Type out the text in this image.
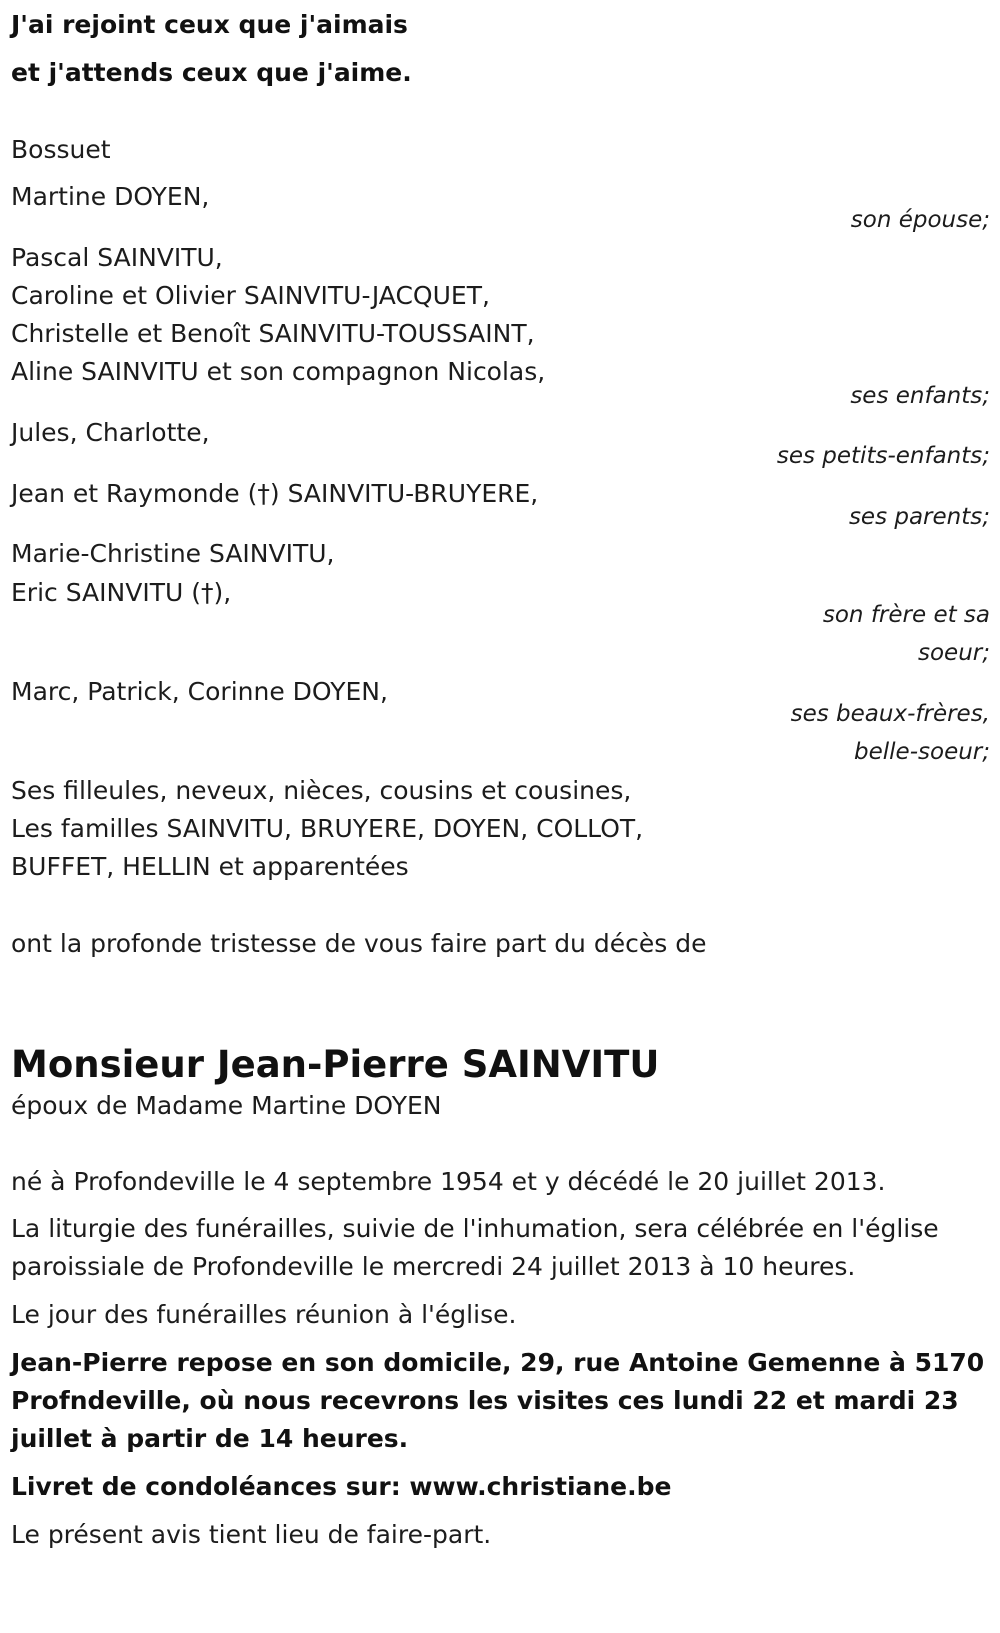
J'ai rejoint ceux que j'aimais
et j'attends ceux que j'aime.
Bossuet
Martine DOYEN,
son épouse;
Pascal SAINVITU,
Caroline et Olivier SAINVITU-JACQUET,
Christelle et Benoît SAINVITU-TOUSSAINT,
Aline SAINVITU et son compagnon Nicolas,
ses enfants;
Jules, Charlotte,
ses petits-enfants;
Jean et Raymonde (†) SAINVITU-BRUYERE,
ses parents;
Marie-Christine SAINVITU,
Eric SAINVITU (†),
son frère et sa
soeur;
Marc, Patrick, Corinne DOYEN,
ses beaux-frères,
belle-soeur;
Ses filleules, neveux, nièces, cousins et cousines,
Les familles SAINVITU, BRUYERE, DOYEN, COLLOT,
BUFFET, HELLIN et apparentées
ont la profonde tristesse de vous faire part du décès de
Monsieur Jean-Pierre SAINVITU
époux de Madame Martine DOYEN
né à Profondeville le 4 septembre 1954 et y décédé le 20 juillet 2013.
La liturgie des funérailles, suivie de l'inhumation, sera célébrée en l'église
paroissiale de Profondeville le mercredi 24 juillet 2013 à 10 heures.
Le jour des funérailles réunion à l'église.
Jean-Pierre repose en son domicile, 29, rue Antoine Gemenne à 5170
Profndeville, où nous recevrons les visites ces lundi 22 et mardi 23
juillet à partir de 14 heures.
Livret de condoléances sur: www.christiane.be
Le présent avis tient lieu de faire-part.
